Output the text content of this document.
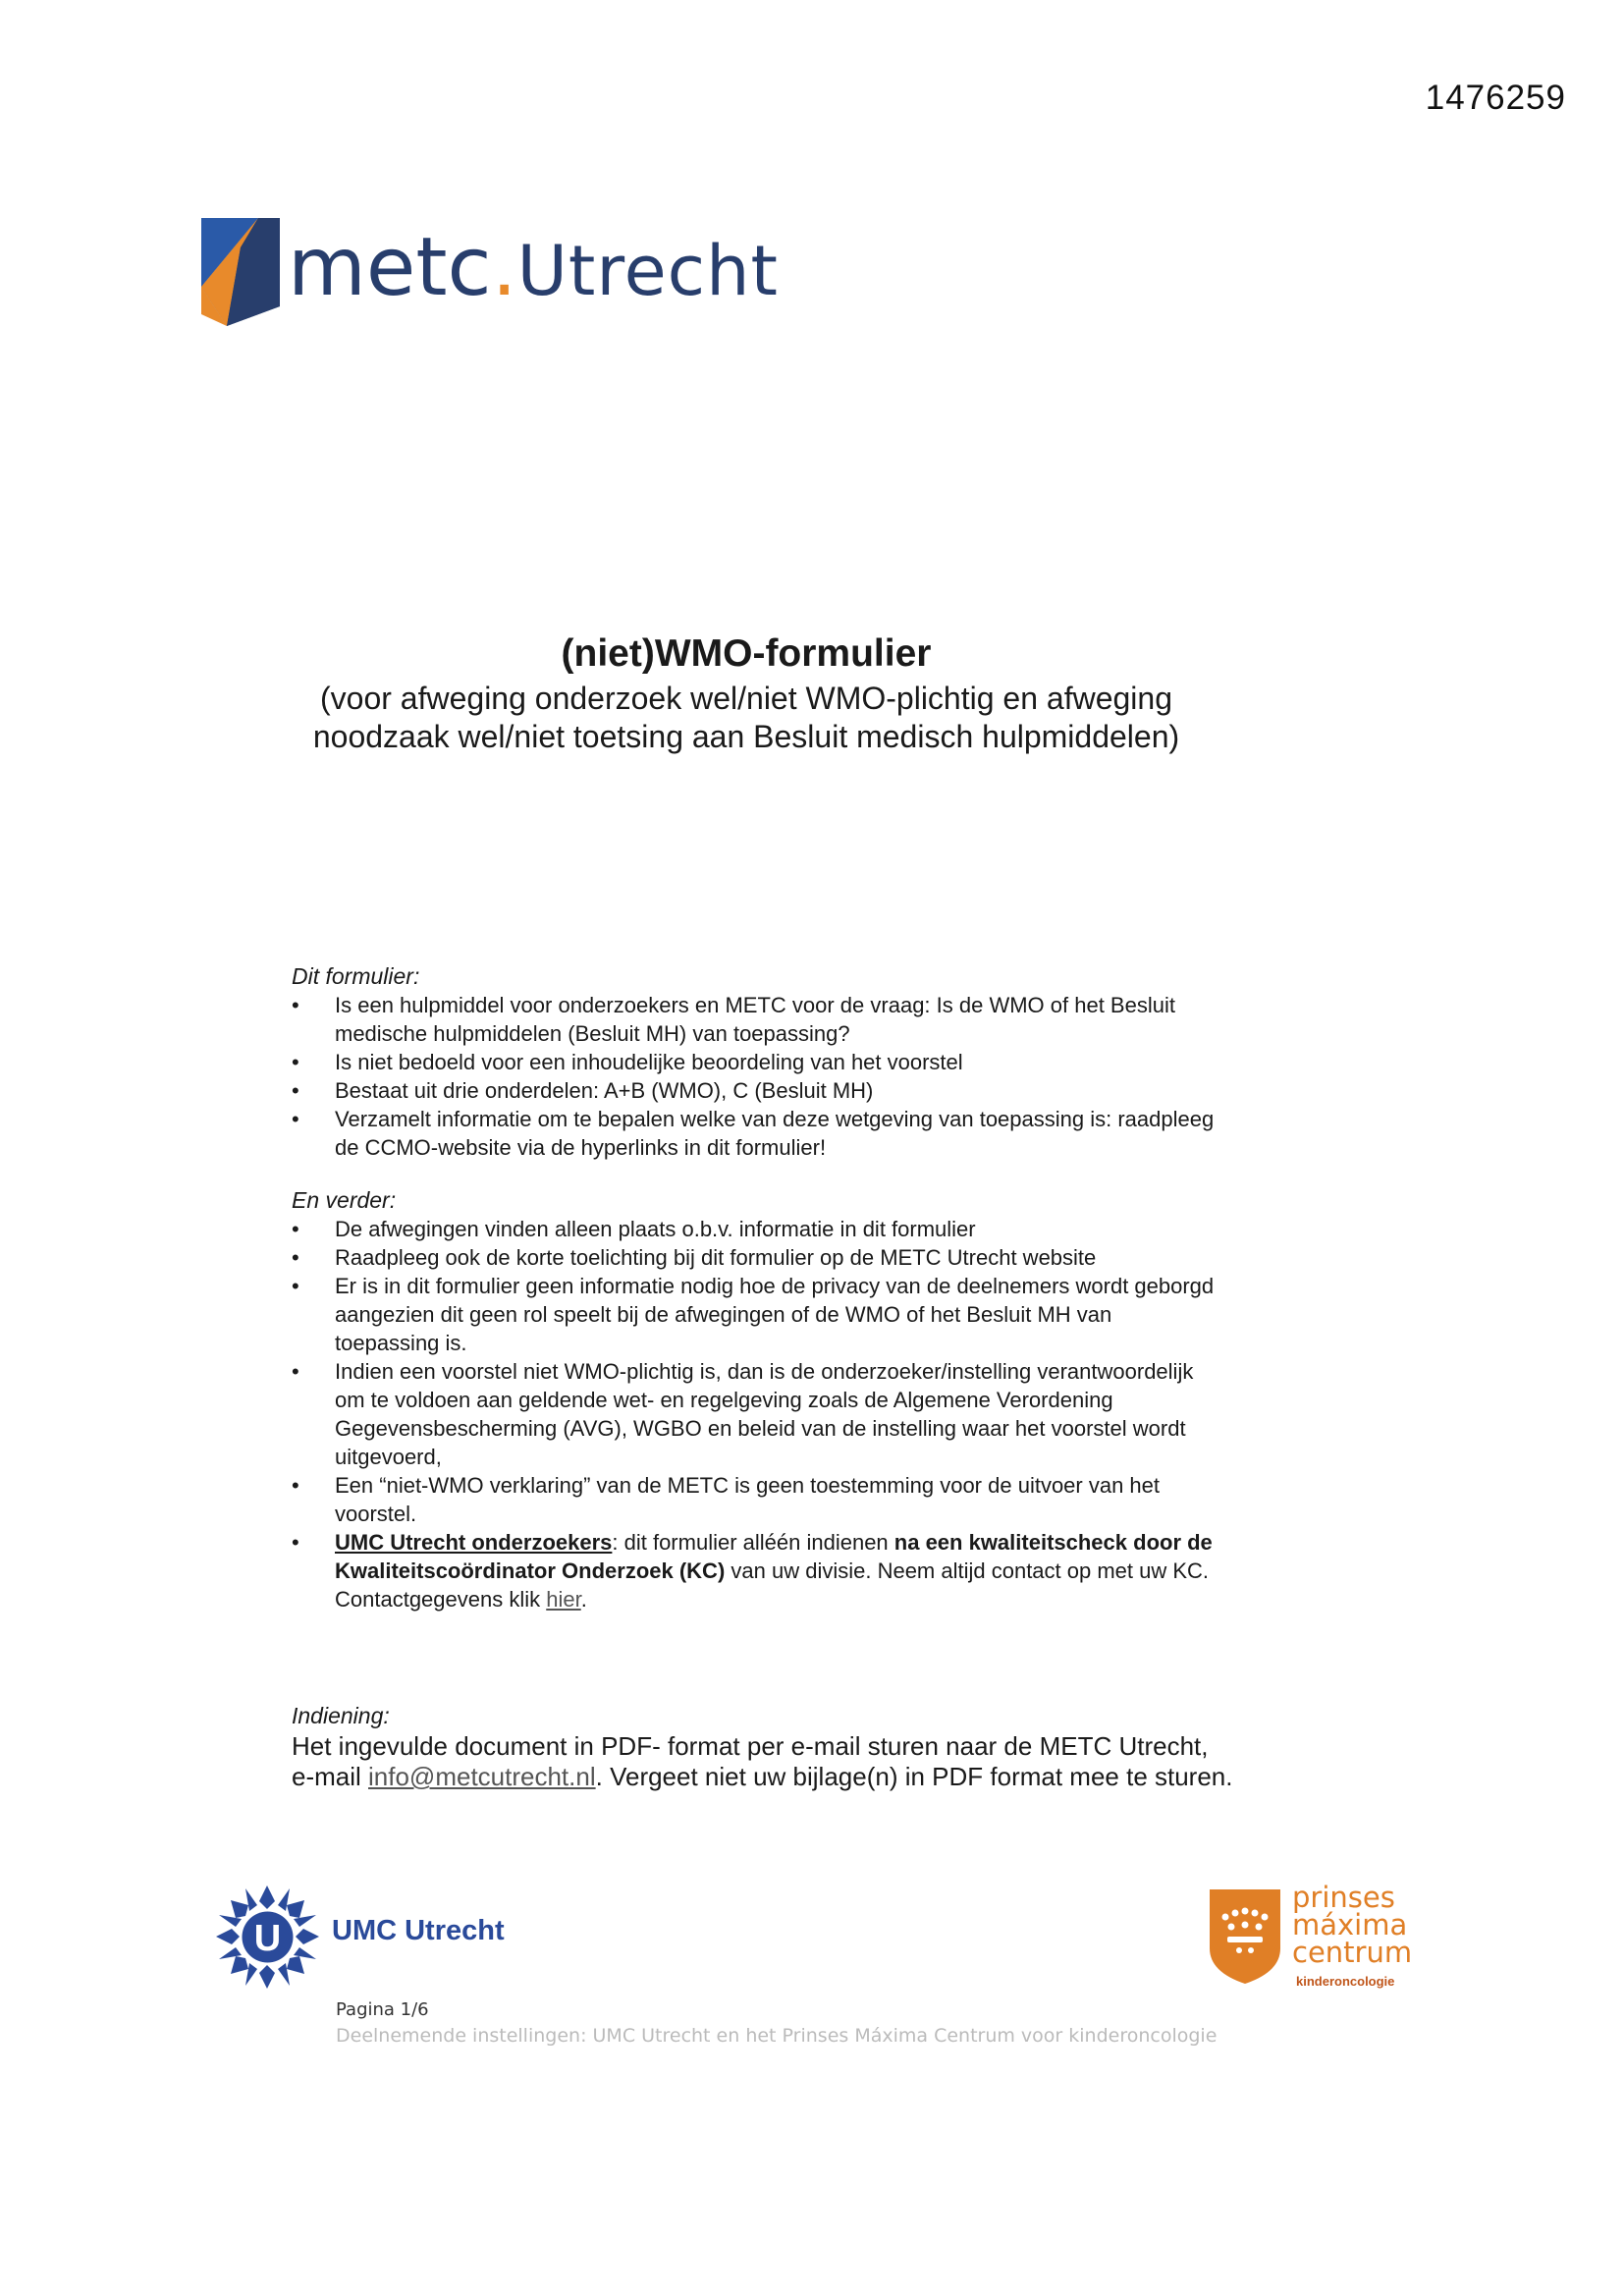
1476259
metc.Utrecht
(niet)WMO-formulier

(voor afweging onderzoek wel/niet WMO-plichtig en afweging noodzaak wel/niet toetsing aan Besluit medisch hulpmiddelen)

Dit formulier:

• Is een hulpmiddel voor onderzoekers en METC voor de vraag: Is de WMO of het Besluit medische hulpmiddelen (Besluit MH) van toepassing?
• Is niet bedoeld voor een inhoudelijke beoordeling van het voorstel
• Bestaat uit drie onderdelen: A+B (WMO), C (Besluit MH)
• Verzamelt informatie om te bepalen welke van deze wetgeving van toepassing is: raadpleeg de CCMO-website via de hyperlinks in dit formulier!

En verder:

• De afwegingen vinden alleen plaats o.b.v. informatie in dit formulier
• Raadpleeg ook de korte toelichting bij dit formulier op de METC Utrecht website
• Er is in dit formulier geen informatie nodig hoe de privacy van de deelnemers wordt geborgd aangezien dit geen rol speelt bij de afwegingen of de WMO of het Besluit MH van toepassing is.
• Indien een voorstel niet WMO-plichtig is, dan is de onderzoeker/instelling verantwoordelijk om te voldoen aan geldende wet- en regelgeving zoals de Algemene Verordening Gegevensbescherming (AVG), WGBO en beleid van de instelling waar het voorstel wordt uitgevoerd,
• Een “niet-WMO verklaring” van de METC is geen toestemming voor de uitvoer van het voorstel.
• UMC Utrecht onderzoekers: dit formulier alléén indienen na een kwaliteitscheck door de Kwaliteitscoördinator Onderzoek (KC) van uw divisie. Neem altijd contact op met uw KC. Contactgegevens klik hier.

Indiening:

Het ingevulde document in PDF- format per e-mail sturen naar de METC Utrecht, e-mail info@metcutrecht.nl. Vergeet niet uw bijlage(n) in PDF format mee te sturen.

U UMC Utrecht
prinses
máxima
centrum
kinderoncologie
Pagina 1/6
Deelnemende instellingen: UMC Utrecht en het Prinses Máxima Centrum voor kinderoncologie
